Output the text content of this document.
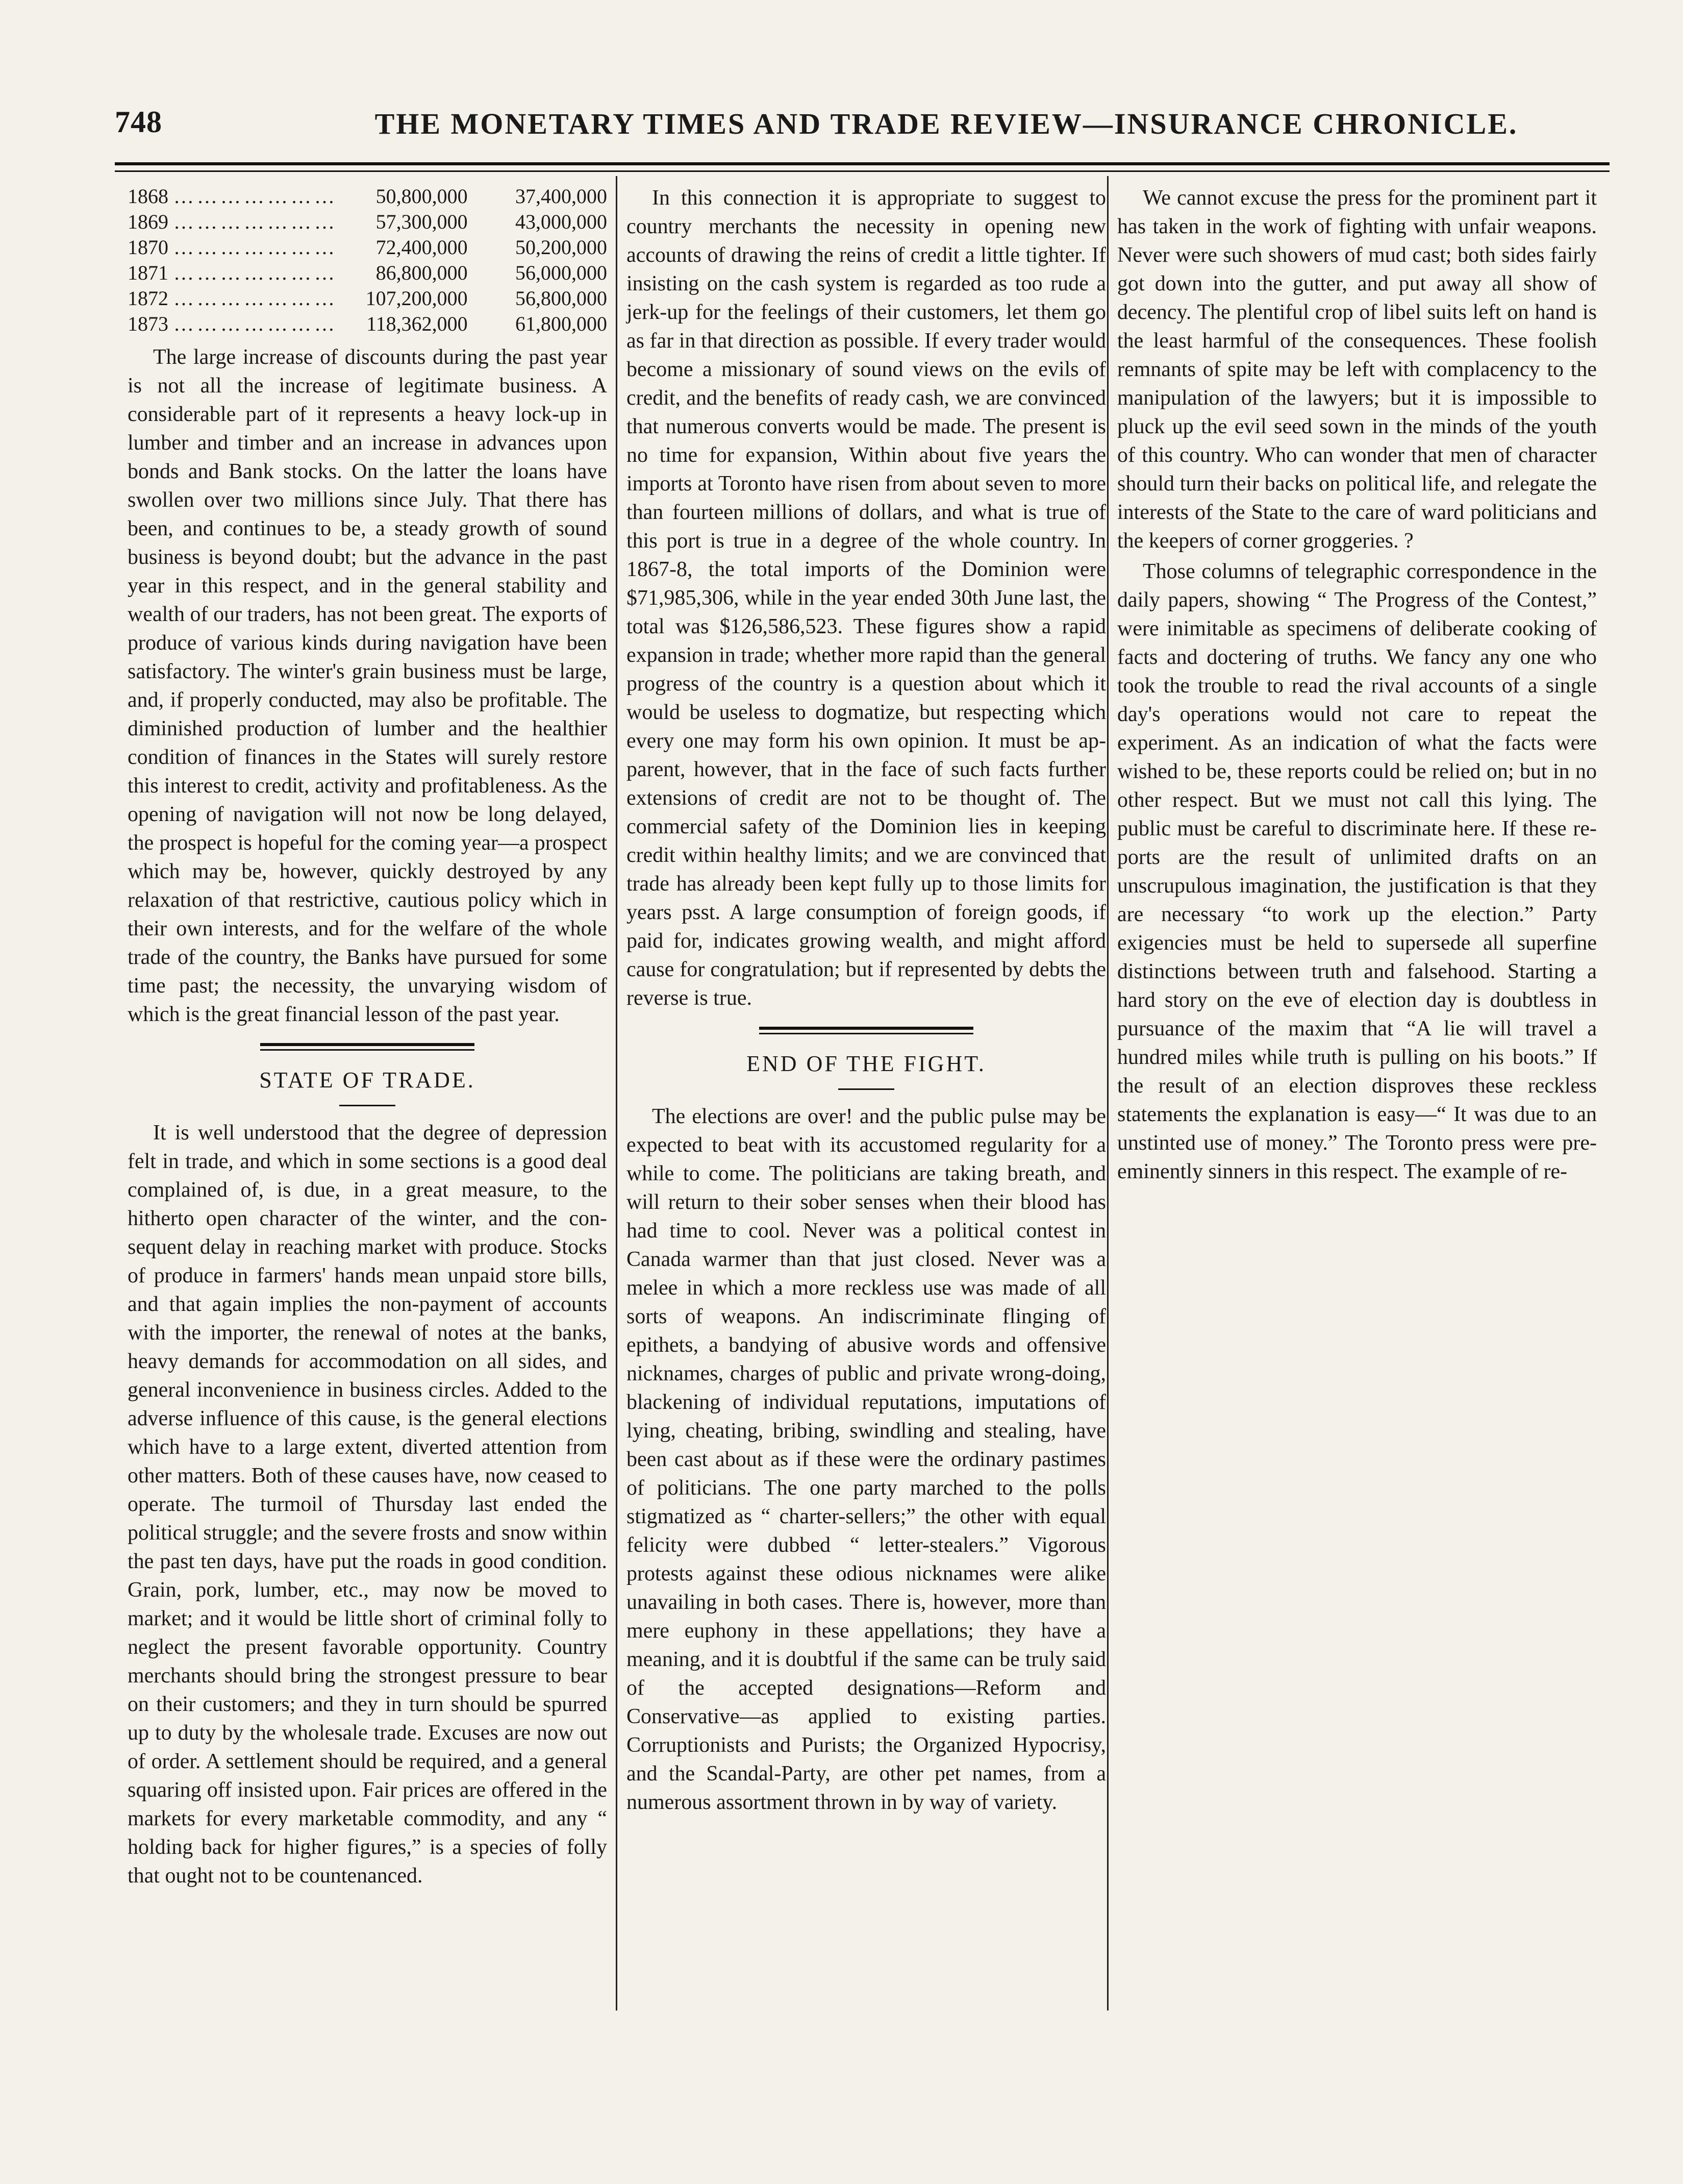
748	THE MONETARY TIMES AND TRADE REVIEW—INSURANCE CHRONICLE.
1868 …………………	50,800,000	37,400,000
1869 …………………	57,300,000	43,000,000
1870 …………………	72,400,000	50,200,000
1871 …………………	86,800,000	56,000,000
1872 …………………	107,200,000	56,800,000
1873 …………………	118,362,000	61,800,000

The large increase of discounts during the past year is not all the increase of legitimate business. A considerable part of it represents a heavy lock-up in lumber and timber and an increase in advances upon bonds and Bank stocks. On the latter the loans have swollen over two millions since July. That there has been, and continues to be, a steady growth of sound business is beyond doubt; but the advance in the past year in this respect, and in the general stability and wealth of our traders, has not been great. The exports of produce of various kinds during navigation have been satisfactory. The winter's grain business must be large, and, if properly conducted, may also be profitable. The diminished production of lumber and the healthier condition of finances in the States will surely restore this interest to credit, activity and profitableness. As the opening of navigation will not now be long delayed, the prospect is hopeful for the coming year—a prospect which may be, however, quickly destroyed by any relaxation of that restrictive, cautious policy which in their own interests, and for the welfare of the whole trade of the country, the Banks have pursued for some time past; the necessity, the unvarying wisdom of which is the great financial lesson of the past year.

STATE OF TRADE.

It is well understood that the degree of depression felt in trade, and which in some sections is a good deal complained of, is due, in a great measure, to the hitherto open character of the winter, and the consequent delay in reaching market with produce. Stocks of produce in farmers' hands mean unpaid store bills, and that again implies the non-payment of accounts with the importer, the renewal of notes at the banks, heavy demands for accommodation on all sides, and general inconvenience in business circles. Added to the adverse influence of this cause, is the general elections which have to a large extent, diverted attention from other matters. Both of these causes have, now ceased to operate. The turmoil of Thursday last ended the political struggle; and the severe frosts and snow within the past ten days, have put the roads in good condition. Grain, pork, lumber, etc., may now be moved to market; and it would be little short of criminal folly to neglect the present favorable opportunity. Country merchants should bring the strongest pressure to bear on their customers; and they in turn should be spurred up to duty by the wholesale trade. Excuses are now out of order. A settlement should be required, and a general squaring off insisted upon. Fair prices are offered in the markets for every marketable commodity, and any “ holding back for higher figures,” is a species of folly that ought not to be countenanced.

In this connection it is appropriate to suggest to country merchants the necessity in opening new accounts of drawing the reins of credit a little tighter. If insisting on the cash system is regarded as too rude a jerk-up for the feelings of their customers, let them go as far in that direction as possible. If every trader would become a missionary of sound views on the evils of credit, and the benefits of ready cash, we are convinced that numerous converts would be made. The present is no time for expansion, Within about five years the imports at Toronto have risen from about seven to more than fourteen millions of dollars, and what is true of this port is true in a degree of the whole country. In 1867-8, the total imports of the Dominion were $71,985,306, while in the year ended 30th June last, the total was $126,586,523. These figures show a rapid expansion in trade; whether more rapid than the general progress of the country is a question about which it would be useless to dogmatize, but respecting which every one may form his own opinion. It must be apparent, however, that in the face of such facts further extensions of credit are not to be thought of. The commercial safety of the Dominion lies in keeping credit within healthy limits; and we are convinced that trade has already been kept fully up to those limits for years psst. A large consumption of foreign goods, if paid for, indicates growing wealth, and might afford cause for congratulation; but if represented by debts the reverse is true.

END OF THE FIGHT.

The elections are over! and the public pulse may be expected to beat with its accustomed regularity for a while to come. The politicians are taking breath, and will return to their sober senses when their blood has had time to cool. Never was a political contest in Canada warmer than that just closed. Never was a melee in which a more reckless use was made of all sorts of weapons. An indiscriminate flinging of epithets, a bandying of abusive words and offensive nicknames, charges of public and private wrong-doing, blackening of individual reputations, imputations of lying, cheating, bribing, swindling and stealing, have been cast about as if these were the ordinary pastimes of politicians. The one party marched to the polls stigmatized as “ charter-sellers;” the other with equal felicity were dubbed “ letter-stealers.” Vigorous protests against these odious nicknames were alike unavailing in both cases. There is, however, more than mere euphony in these appellations; they have a meaning, and it is doubtful if the same can be truly said of the accepted designations—Reform and Conservative—as applied to existing parties. Corruptionists and Purists; the Organized Hypocrisy, and the Scandal-Party, are other pet names, from a numerous assortment thrown in by way of variety.

We cannot excuse the press for the prominent part it has taken in the work of fighting with unfair weapons. Never were such showers of mud cast; both sides fairly got down into the gutter, and put away all show of decency. The plentiful crop of libel suits left on hand is the least harmful of the consequences. These foolish remnants of spite may be left with complacency to the manipulation of the lawyers; but it is impossible to pluck up the evil seed sown in the minds of the youth of this country. Who can wonder that men of character should turn their backs on political life, and relegate the interests of the State to the care of ward politicians and the keepers of corner groggeries. ?

Those columns of telegraphic correspondence in the daily papers, showing “ The Progress of the Contest,” were inimitable as specimens of deliberate cooking of facts and doctering of truths. We fancy any one who took the trouble to read the rival accounts of a single day's operations would not care to repeat the experiment. As an indication of what the facts were wished to be, these reports could be relied on; but in no other respect. But we must not call this lying. The public must be careful to discriminate here. If these reports are the result of unlimited drafts on an unscrupulous imagination, the justification is that they are necessary “to work up the election.” Party exigencies must be held to supersede all superfine distinctions between truth and falsehood. Starting a hard story on the eve of election day is doubtless in pursuance of the maxim that “A lie will travel a hundred miles while truth is pulling on his boots.” If the result of an election disproves these reckless statements the explanation is easy—“ It was due to an unstinted use of money.” The Toronto press were pre-eminently sinners in this respect. The example of re-
